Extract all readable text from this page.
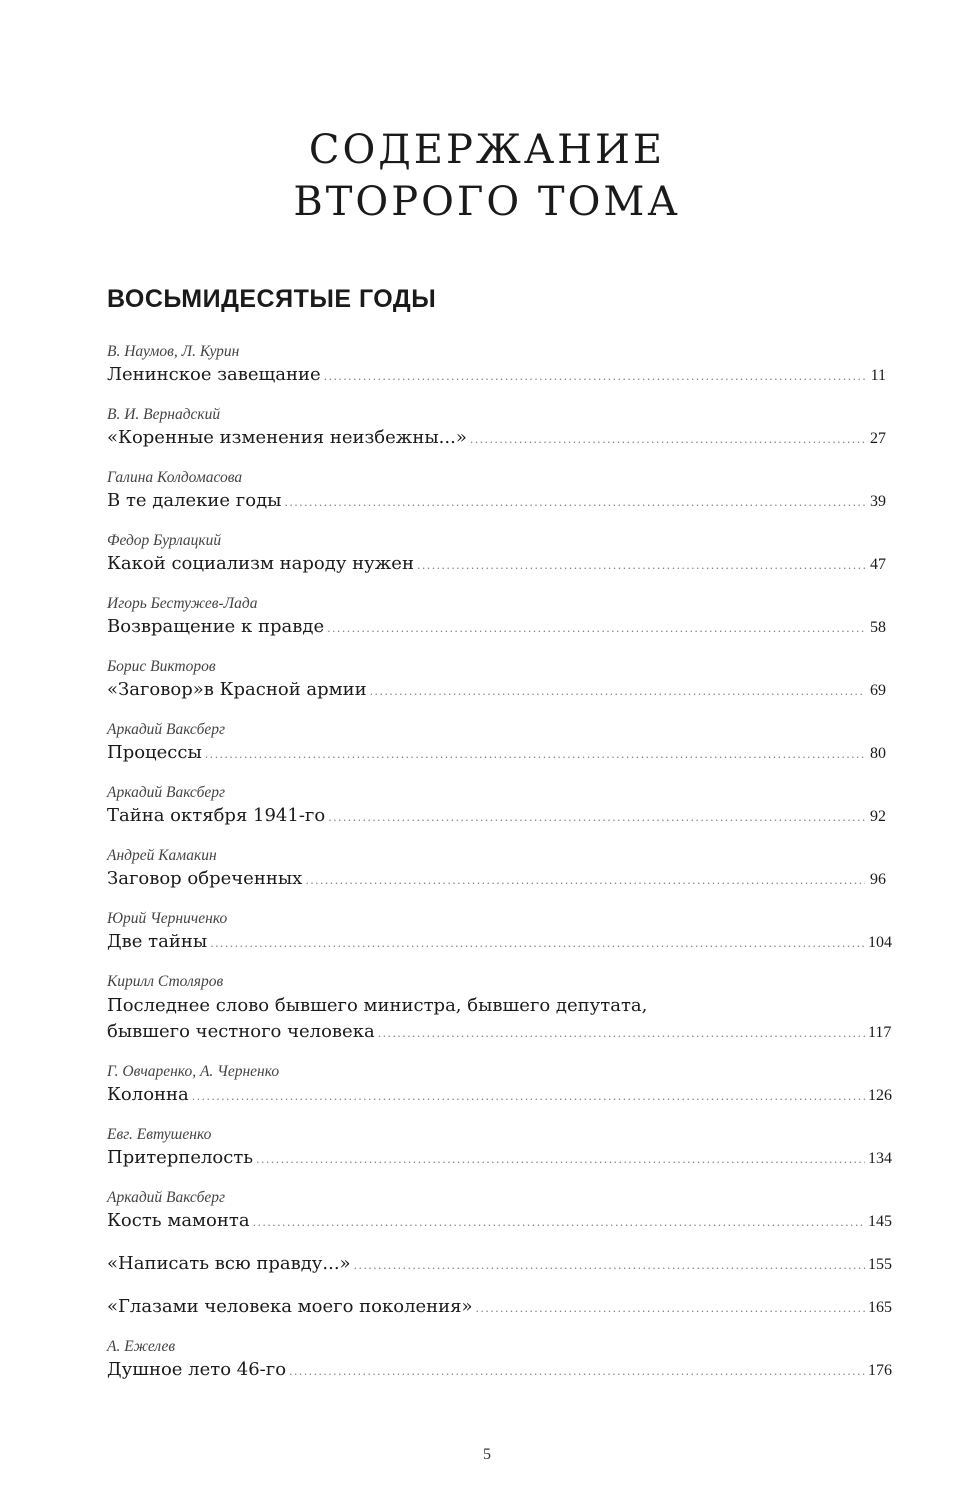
СОДЕРЖАНИЕ
ВТОРОГО ТОМА
ВОСЬМИДЕСЯТЫЕ ГОДЫ
В. Наумов, Л. Курин
Ленинское завещание .....	11
В. И. Вернадский
«Коренные изменения неизбежны...» .....	27
Галина Колдомасова
В те далекие годы .....	39
Федор Бурлацкий
Какой социализм народу нужен .....	47
Игорь Бестужев-Лада
Возвращение к правде .....	58
Борис Викторов
«Заговор»в Красной армии .....	69
Аркадий Ваксберг
Процессы .....	80
Аркадий Ваксберг
Тайна октября 1941-го .....	92
Андрей Камакин
Заговор обреченных .....	96
Юрий Черниченко
Две тайны .....	104
Кирилл Столяров
Последнее слово бывшего министра, бывшего депутата,
бывшего честного человека .....	117
Г. Овчаренко, А. Черненко
Колонна .....	126
Евг. Евтушенко
Притерпелость .....	134
Аркадий Ваксберг
Кость мамонта .....	145
«Написать всю правду...» .....	155
«Глазами человека моего поколения» .....	165
А. Ежелев
Душное лето 46-го .....	176
5
